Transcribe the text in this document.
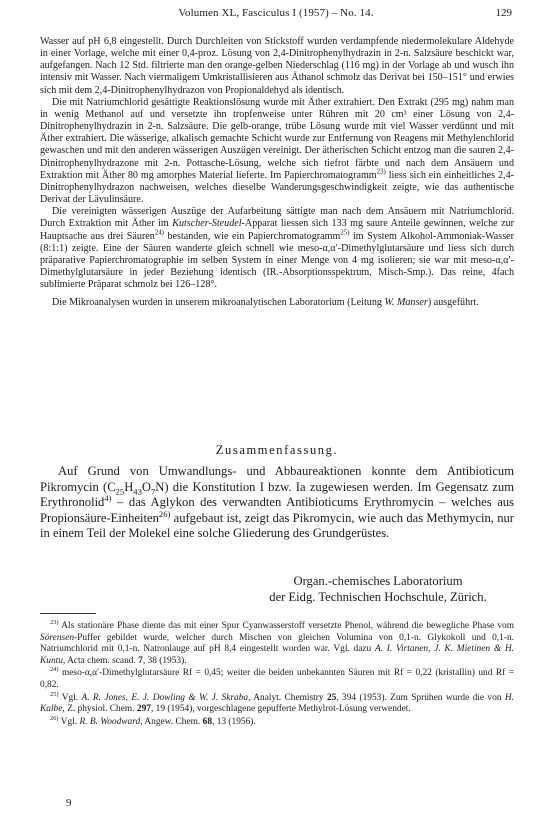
Volumen XL, Fasciculus I (1957) – No. 14.	129

Wasser auf pH 6,8 eingestellt. Durch Durchleiten von Stickstoff wurden verdampfende niedermolekulare Aldehyde in einer Vorlage, welche mit einer 0,4-proz. Lösung von 2,4-Dinitrophenylhydrazin in 2-n. Salzsäure beschickt war, aufgefangen. Nach 12 Std. filtrierte man den orange-gelben Niederschlag (116 mg) in der Vorlage ab und wusch ihn intensiv mit Wasser. Nach viermaligem Umkristallisieren aus Äthanol schmolz das Derivat bei 150–151° und erwies sich mit dem 2,4-Dinitrophenylhydrazon von Propionaldehyd als identisch.

Die mit Natriumchlorid gesättigte Reaktionslösung wurde mit Äther extrahiert. Den Extrakt (295 mg) nahm man in wenig Methanol auf und versetzte ihn tropfenweise unter Rühren mit 20 cm³ einer Lösung von 2,4-Dinitrophenylhydrazin in 2-n. Salzsäure. Die gelb-orange, trübe Lösung wurde mit viel Wasser verdünnt und mit Äther extrahiert. Die wässerige, alkalisch gemachte Schicht wurde zur Entfernung von Reagens mit Methylenchlorid gewaschen und mit den anderen wässerigen Auszügen vereinigt. Der ätherischen Schicht entzog man die sauren 2,4-Dinitrophenylhydrazone mit 2-n. Pottasche-Lösung, welche sich tiefrot färbte und nach dem Ansäuern und Extraktion mit Äther 80 mg amorphes Material lieferte. Im Papierchromatogramm$^{23)}$ liess sich ein einheitliches 2,4-Dinitrophenylhydrazon nachweisen, welches dieselbe Wanderungsgeschwindigkeit zeigte, wie das authentische Derivat der Lävulinsäure.

Die vereinigten wässerigen Auszüge der Aufarbeitung sättigte man nach dem Ansäuern mit Natriumchlorid. Durch Extraktion mit Äther im Kutscher-Steudel-Apparat liessen sich 133 mg saure Anteile gewinnen, welche zur Hauptsache aus drei Säuren$^{24)}$ bestanden, wie ein Papierchromatogramm$^{25)}$ im System Alkohol-Ammoniak-Wasser (8:1:1) zeigte. Eine der Säuren wanderte gleich schnell wie meso-α,α′-Dimethylglutarsäure und liess sich durch präparative Papierchromatographie im selben System in einer Menge von 4 mg isolieren; sie war mit meso-α,α′-Dimethylglutarsäure in jeder Beziehung identisch (IR.-Absorptionsspektrum, Misch-Smp.). Das reine, 4fach sublimierte Präparat schmolz bei 126–128°.

Die Mikroanalysen wurden in unserem mikroanalytischen Laboratorium (Leitung W. Manser) ausgeführt.

Zusammenfassung.

Auf Grund von Umwandlungs- und Abbaureaktionen konnte dem Antibioticum Pikromycin $(C_{25}H_{43}O_7N)$ die Konstitution I bzw. Ia zugewiesen werden. Im Gegensatz zum Erythronolid$^{4)}$ – das Aglykon des verwandten Antibioticums Erythromycin – welches aus Propionsäure-Einheiten$^{26)}$ aufgebaut ist, zeigt das Pikromycin, wie auch das Methymycin, nur in einem Teil der Molekel eine solche Gliederung des Grundgerüstes.

Organ.-chemisches Laboratorium
der Eidg. Technischen Hochschule, Zürich.

$^{23)}$ Als stationäre Phase diente das mit einer Spur Cyanwasserstoff versetzte Phenol, während die bewegliche Phase vom Sörensen-Puffer gebildet wurde, welcher durch Mischen von gleichen Volumina von 0,1-n. Glykokoll und 0,1-n. Natriumchlorid mit 0,1-n. Natronlauge auf pH 8,4 eingestellt worden war. Vgl. dazu A. I. Virtanen, J. K. Mietinen & H. Kuntu, Acta chem. scand. 7, 38 (1953).

$^{24)}$ meso-α,α′-Dimethylglutarsäure Rf = 0,45; weiter die beiden unbekannten Säuren mit Rf = 0,22 (kristallin) und Rf = 0,82.

$^{25)}$ Vgl. A. R. Jones, E. J. Dowling & W. J. Skraba, Analyt. Chemistry 25, 394 (1953). Zum Sprühen wurde die von H. Kalbe, Z. physiol. Chem. 297, 19 (1954), vorgeschlagene gepufferte Methylrot-Lösung verwendet.

$^{26)}$ Vgl. R. B. Woodward, Angew. Chem. 68, 13 (1956).

9
